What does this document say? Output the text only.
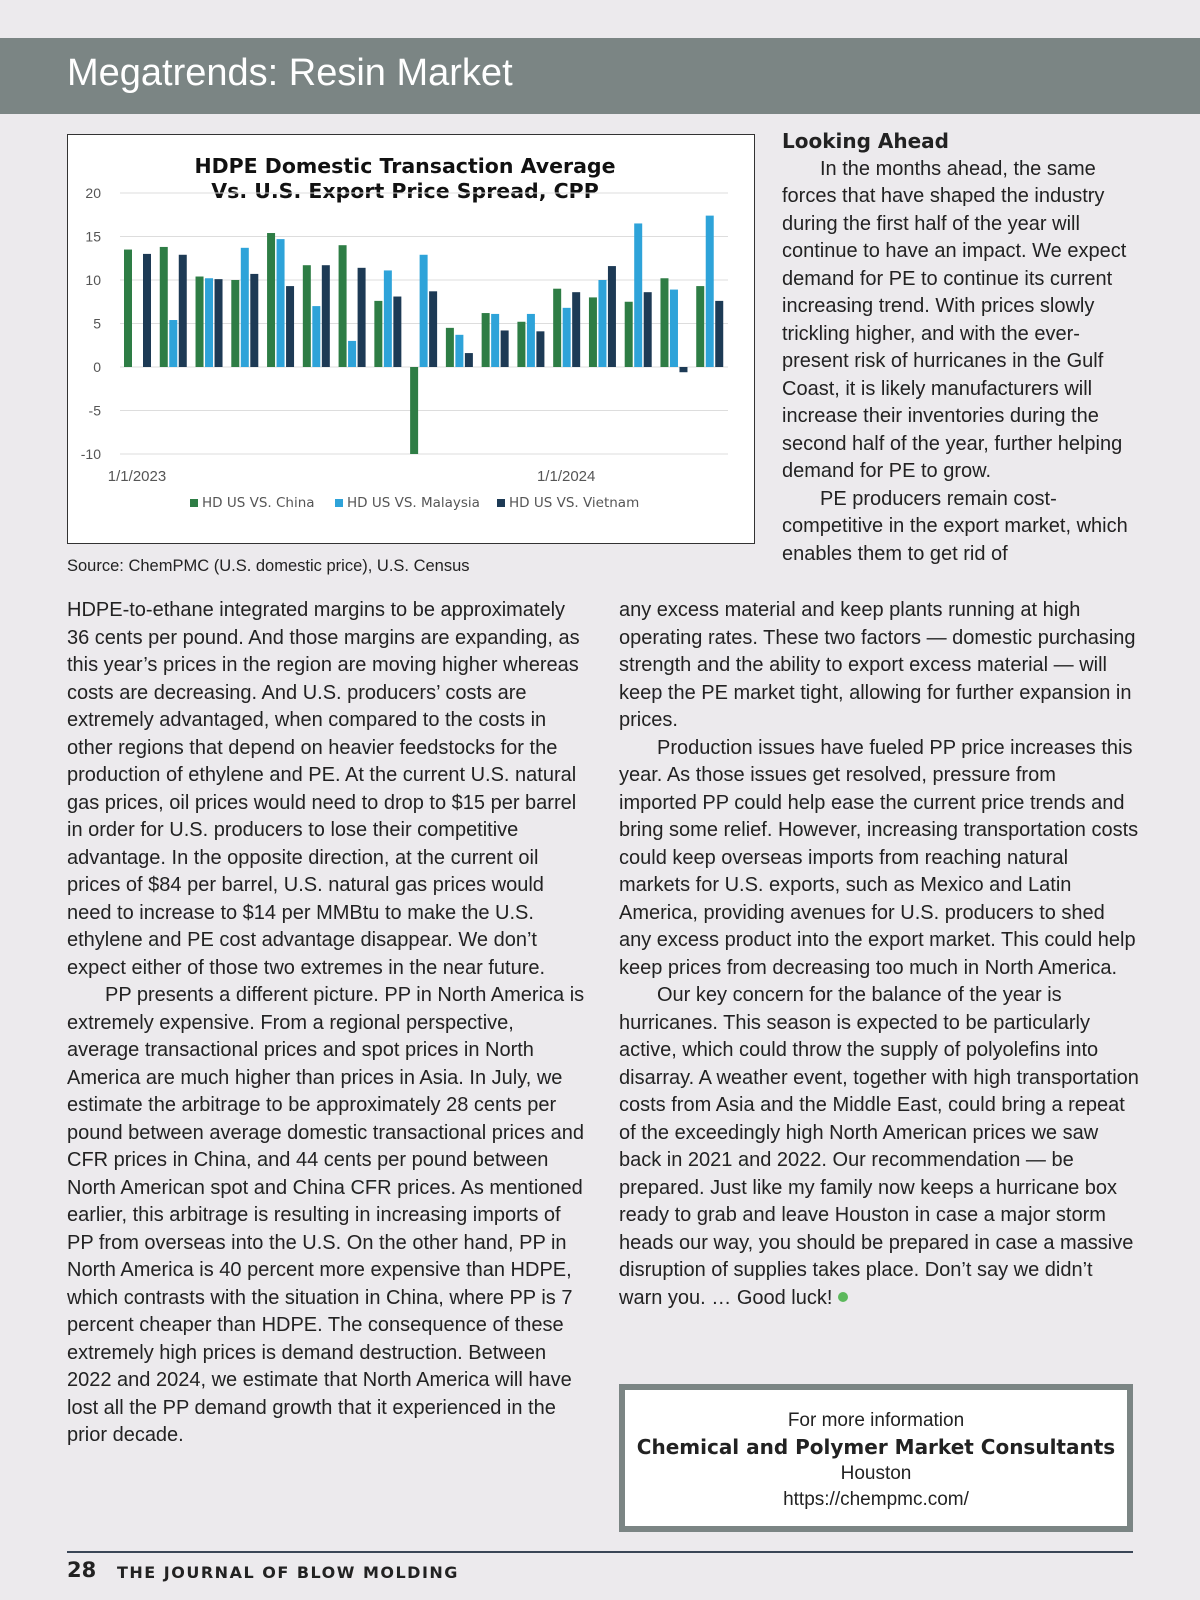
Megatrends: Resin Market
HDPE Domestic Transaction Average
Vs. U.S. Export Price Spread, CPP
20
15
10
5
0
-5
-10
1/1/2023	1/1/2024
HD US VS. China HD US VS. Malaysia HD US VS. Vietnam
Source: ChemPMC (U.S. domestic price), U.S. Census
Looking Ahead

In the months ahead, the same forces that have shaped the industry during the first half of the year will continue to have an impact. We expect demand for PE to continue its current increasing trend. With prices slowly trickling higher, and with the ever-present risk of hurricanes in the Gulf Coast, it is likely manufacturers will increase their inventories during the second half of the year, further helping demand for PE to grow.

PE producers remain cost-competitive in the export market, which enables them to get rid of

HDPE-to-ethane integrated margins to be approximately 36 cents per pound. And those margins are expanding, as this year’s prices in the region are moving higher whereas costs are decreasing. And U.S. producers’ costs are extremely advantaged, when compared to the costs in other regions that depend on heavier feedstocks for the production of ethylene and PE. At the current U.S. natural gas prices, oil prices would need to drop to $15 per barrel in order for U.S. producers to lose their competitive advantage. In the opposite direction, at the current oil prices of $84 per barrel, U.S. natural gas prices would need to increase to $14 per MMBtu to make the U.S. ethylene and PE cost advantage disappear. We don’t expect either of those two extremes in the near future.

PP presents a different picture. PP in North America is extremely expensive. From a regional perspective, average transactional prices and spot prices in North America are much higher than prices in Asia. In July, we estimate the arbitrage to be approximately 28 cents per pound between average domestic transactional prices and CFR prices in China, and 44 cents per pound between North American spot and China CFR prices. As mentioned earlier, this arbitrage is resulting in increasing imports of PP from overseas into the U.S. On the other hand, PP in North America is 40 percent more expensive than HDPE, which contrasts with the situation in China, where PP is 7 percent cheaper than HDPE. The consequence of these extremely high prices is demand destruction. Between 2022 and 2024, we estimate that North America will have lost all the PP demand growth that it experienced in the prior decade.

any excess material and keep plants running at high operating rates. These two factors — domestic purchasing strength and the ability to export excess material — will keep the PE market tight, allowing for further expansion in prices.

Production issues have fueled PP price increases this year. As those issues get resolved, pressure from imported PP could help ease the current price trends and bring some relief. However, increasing transportation costs could keep overseas imports from reaching natural markets for U.S. exports, such as Mexico and Latin America, providing avenues for U.S. producers to shed any excess product into the export market. This could help keep prices from decreasing too much in North America.

Our key concern for the balance of the year is hurricanes. This season is expected to be particularly active, which could throw the supply of polyolefins into disarray. A weather event, together with high transportation costs from Asia and the Middle East, could bring a repeat of the exceedingly high North American prices we saw back in 2021 and 2022. Our recommendation — be prepared. Just like my family now keeps a hurricane box ready to grab and leave Houston in case a major storm heads our way, you should be prepared in case a massive disruption of supplies takes place. Don’t say we didn’t warn you. … Good luck!

For more information
Chemical and Polymer Market Consultants
Houston
https://chempmc.com/
28 THE JOURNAL OF BLOW MOLDING
